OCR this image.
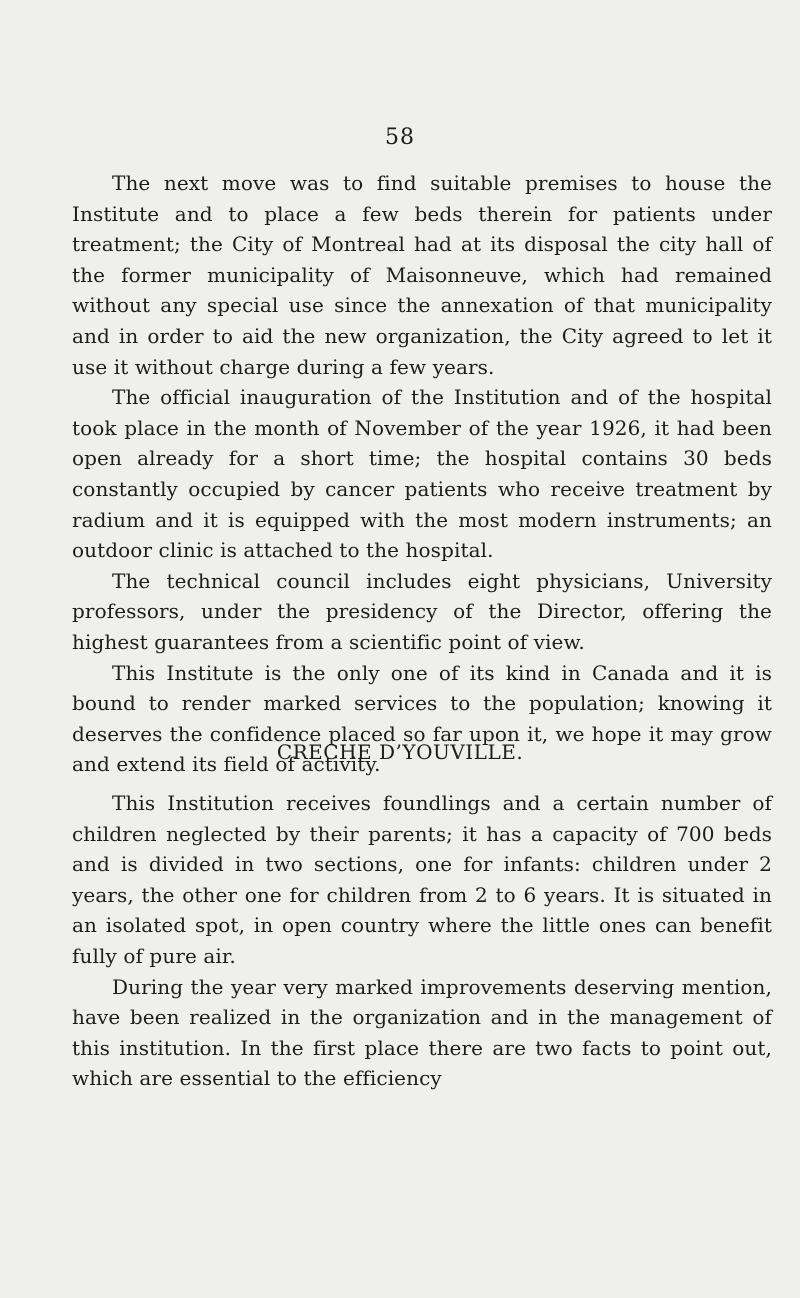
58

The next move was to find suitable premises to house the Institute and to place a few beds therein for patients under treatment; the City of Montreal had at its disposal the city hall of the former municipality of Maisonneuve, which had remained without any special use since the annexation of that municipality and in order to aid the new organization, the City agreed to let it use it without charge during a few years.

The official inauguration of the Institution and of the hospital took place in the month of November of the year 1926, it had been open already for a short time; the hospital contains 30 beds constantly occupied by cancer patients who receive treatment by radium and it is equipped with the most modern instruments; an outdoor clinic is attached to the hospital.

The technical council includes eight physicians, University professors, under the presidency of the Director, offering the highest guarantees from a scientific point of view.

This Institute is the only one of its kind in Canada and it is bound to render marked services to the population; knowing it deserves the confidence placed so far upon it, we hope it may grow and extend its field of activity.

CRECHE D’YOUVILLE.

This Institution receives foundlings and a certain number of children neglected by their parents; it has a capacity of 700 beds and is divided in two sections, one for infants: children under 2 years, the other one for children from 2 to 6 years. It is situated in an isolated spot, in open country where the little ones can benefit fully of pure air.

During the year very marked improvements deserving mention, have been realized in the organization and in the management of this institution. In the first place there are two facts to point out, which are essential to the efficiency
